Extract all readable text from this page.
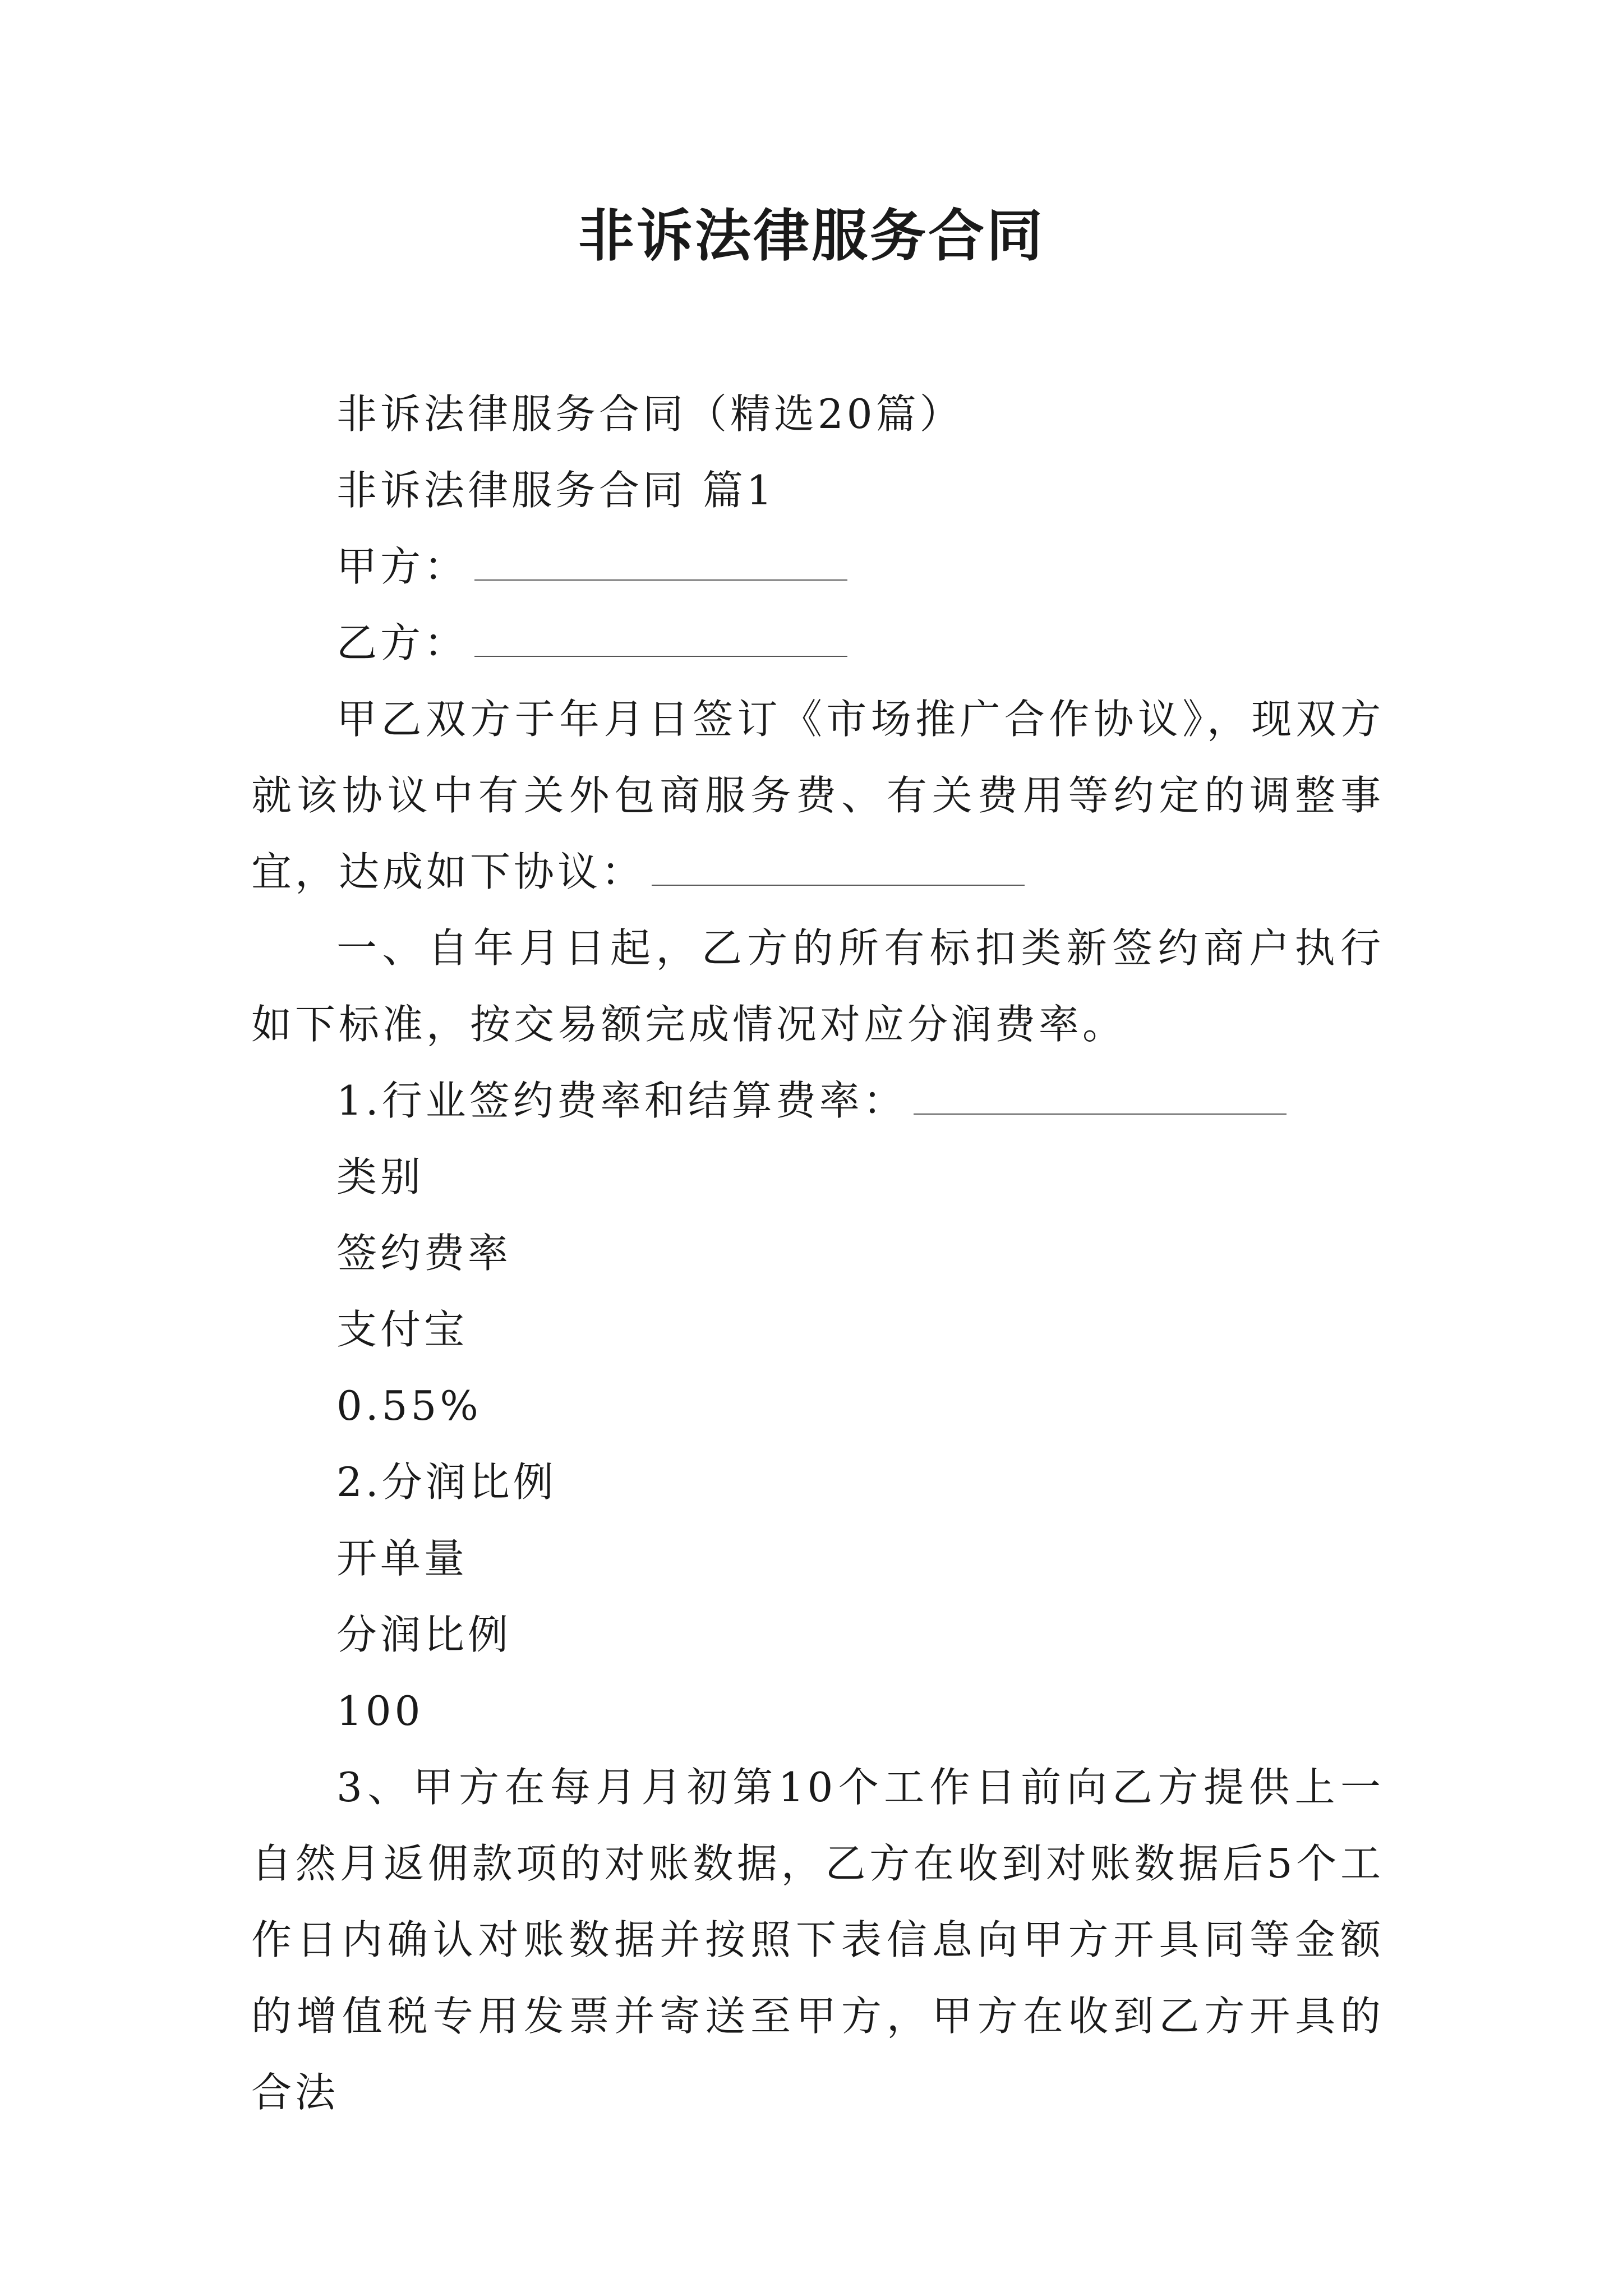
非诉法律服务合同

非诉法律服务合同（精选20篇）

非诉法律服务合同 篇1

甲方：

乙方：

甲乙双方于年月日签订《市场推广合作协议》，现双方就该协议中有关外包商服务费、有关费用等约定的调整事宜，达成如下协议：

一、自年月日起，乙方的所有标扣类新签约商户执行如下标准，按交易额完成情况对应分润费率。

1.行业签约费率和结算费率：

类别

签约费率

支付宝

0.55%

2.分润比例

开单量

分润比例

100

3、甲方在每月月初第10个工作日前向乙方提供上一自然月返佣款项的对账数据，乙方在收到对账数据后5个工作日内确认对账数据并按照下表信息向甲方开具同等金额的增值税专用发票并寄送至甲方，甲方在收到乙方开具的合法
